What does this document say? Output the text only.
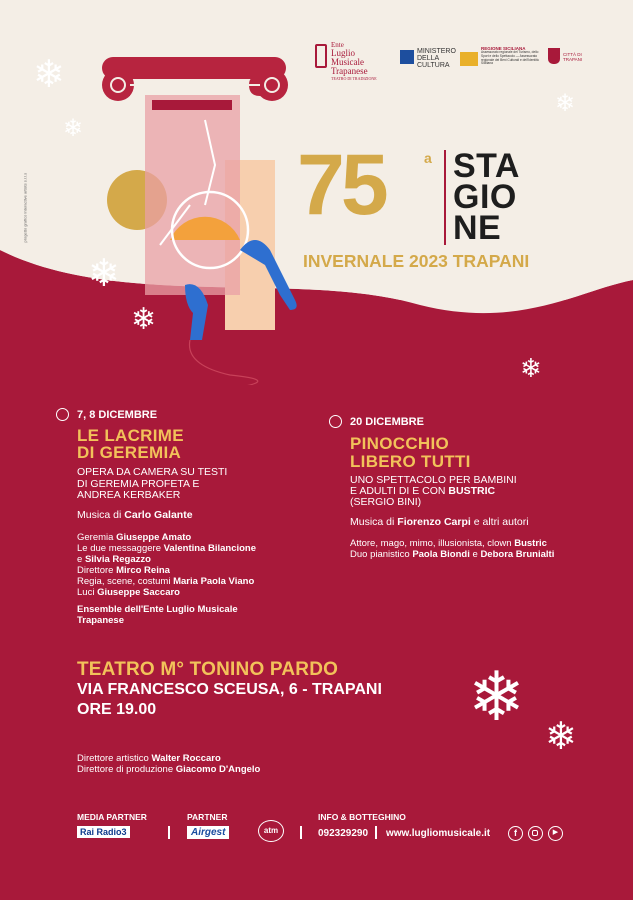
Ente
Luglio
Musicale
Trapanese
TEATRO DI TRADIZIONE
MINISTERO
DELLA
CULTURA
REGIONE SICILIANA
Assessorato regionale del Turismo, dello Sport e dello Spettacolo — Assessorato regionale dei Beni Culturali e dell'Identità Siciliana
CITTÀ DI
TRAPANI
progetto grafico Interactive artists s.r.l.s	75	a STA
GIO
NE
INVERNALE 2023 TRAPANI
❄
❄
❄
❄
❄
❄
❄
❄
7, 8 DICEMBRE
LE LACRIME
DI GEREMIA
OPERA DA CAMERA SU TESTI
DI GEREMIA PROFETA E
ANDREA KERBAKER
Musica di Carlo Galante
Geremia Giuseppe Amato
Le due messaggere Valentina Bilancione
e Silvia Regazzo
Direttore Mirco Reina
Regia, scene, costumi Maria Paola Viano
Luci Giuseppe Saccaro
Ensemble dell'Ente Luglio Musicale
Trapanese
20 DICEMBRE
PINOCCHIO
LIBERO TUTTI
UNO SPETTACOLO PER BAMBINI
E ADULTI DI E CON BUSTRIC
(SERGIO BINI)
Musica di Fiorenzo Carpi e altri autori
Attore, mago, mimo, illusionista, clown Bustric
Duo pianistico Paola Biondi e Debora Brunialti
TEATRO M° TONINO PARDO
VIA FRANCESCO SCEUSA, 6 - TRAPANI
ORE 19.00
Direttore artistico Walter Roccaro
Direttore di produzione Giacomo D'Angelo
MEDIA PARTNER
Rai Radio3
PARTNER
Airgest	atm
INFO & BOTTEGHINO
092329290 www.lugliomusicale.it	f	▶
